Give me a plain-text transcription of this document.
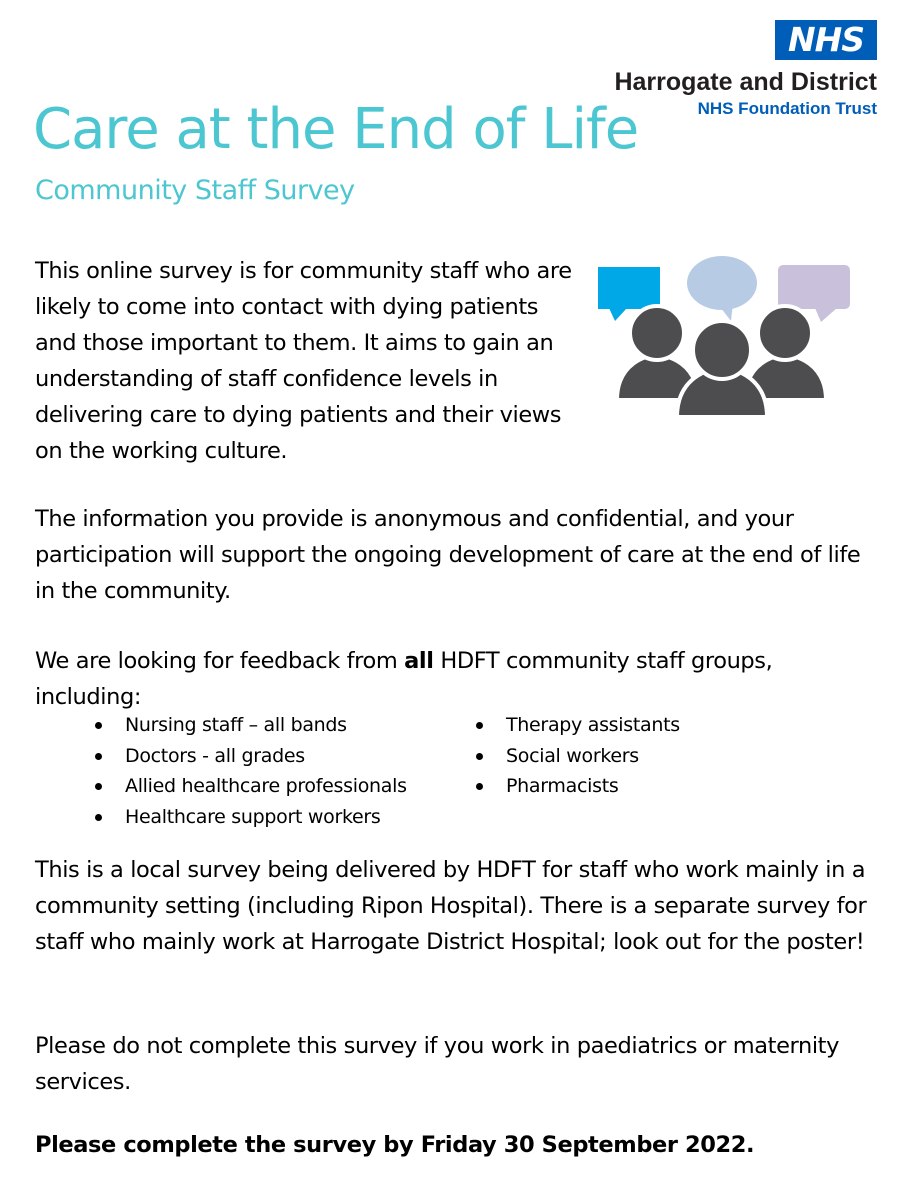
NHS
Harrogate and District
NHS Foundation Trust
Care at the End of Life
Community Staff Survey
This online survey is for community staff who are likely to come into contact with dying patients and those important to them. It aims to gain an understanding of staff confidence levels in delivering care to dying patients and their views on the working culture.
The information you provide is anonymous and confidential, and your participation will support the ongoing development of care at the end of life in the community.
We are looking for feedback from all HDFT community staff groups, including:
Nursing staff – all bands
Doctors - all grades
Allied healthcare professionals
Healthcare support workers
Therapy assistants
Social workers
Pharmacists
This is a local survey being delivered by HDFT for staff who work mainly in a community setting (including Ripon Hospital). There is a separate survey for staff who mainly work at Harrogate District Hospital; look out for the poster!
Please do not complete this survey if you work in paediatrics or maternity services.
Please complete the survey by Friday 30 September 2022.
